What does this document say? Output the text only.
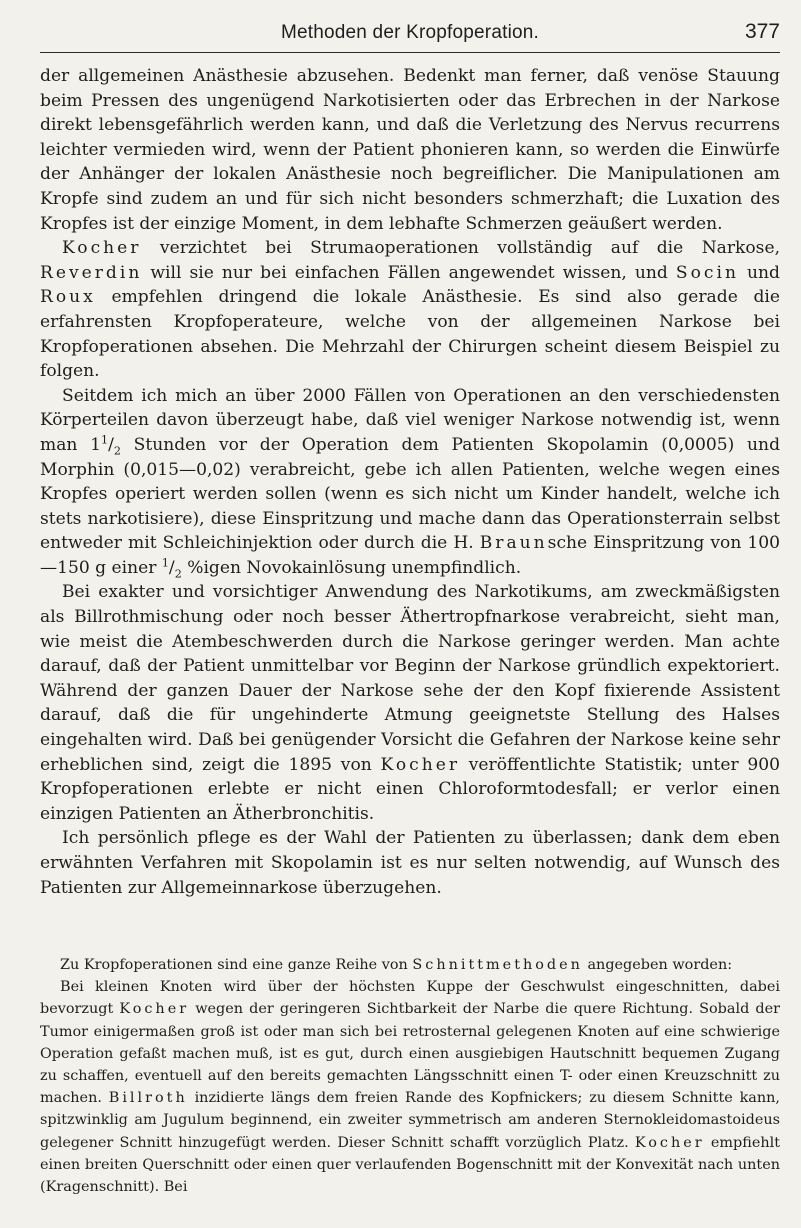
Methoden der Kropfoperation.	377

der allgemeinen Anästhesie abzusehen. Bedenkt man ferner, daß venöse Stauung beim Pressen des ungenügend Narkotisierten oder das Erbrechen in der Narkose direkt lebensgefährlich werden kann, und daß die Verletzung des Nervus recurrens leichter vermieden wird, wenn der Patient phonieren kann, so werden die Einwürfe der Anhänger der lokalen Anästhesie noch begreiflicher. Die Manipulationen am Kropfe sind zudem an und für sich nicht besonders schmerzhaft; die Luxation des Kropfes ist der einzige Moment, in dem lebhafte Schmerzen geäußert werden.

Kocher verzichtet bei Strumaoperationen vollständig auf die Narkose, Reverdin will sie nur bei einfachen Fällen angewendet wissen, und Socin und Roux empfehlen dringend die lokale Anästhesie. Es sind also gerade die erfahrensten Kropfoperateure, welche von der allgemeinen Narkose bei Kropfoperationen absehen. Die Mehrzahl der Chirurgen scheint diesem Beispiel zu folgen.

Seitdem ich mich an über 2000 Fällen von Operationen an den verschiedensten Körperteilen davon überzeugt habe, daß viel weniger Narkose notwendig ist, wenn man $1^1/_2$ Stunden vor der Operation dem Patienten Skopolamin (0,0005) und Morphin (0,015—0,02) verabreicht, gebe ich allen Patienten, welche wegen eines Kropfes operiert werden sollen (wenn es sich nicht um Kinder handelt, welche ich stets narkotisiere), diese Einspritzung und mache dann das Operationsterrain selbst entweder mit Schleichinjektion oder durch die H. Braunsche Einspritzung von 100—150 g einer $^1/_2$ %igen Novokainlösung unempfindlich.

Bei exakter und vorsichtiger Anwendung des Narkotikums, am zweckmäßigsten als Billrothmischung oder noch besser Äthertropfnarkose verabreicht, sieht man, wie meist die Atembeschwerden durch die Narkose geringer werden. Man achte darauf, daß der Patient unmittelbar vor Beginn der Narkose gründlich expektoriert. Während der ganzen Dauer der Narkose sehe der den Kopf fixierende Assistent darauf, daß die für ungehinderte Atmung geeignetste Stellung des Halses eingehalten wird. Daß bei genügender Vorsicht die Gefahren der Narkose keine sehr erheblichen sind, zeigt die 1895 von Kocher veröffentlichte Statistik; unter 900 Kropfoperationen erlebte er nicht einen Chloroformtodesfall; er verlor einen einzigen Patienten an Ätherbronchitis.

Ich persönlich pflege es der Wahl der Patienten zu überlassen; dank dem eben erwähnten Verfahren mit Skopolamin ist es nur selten notwendig, auf Wunsch des Patienten zur Allgemeinnarkose überzugehen.

Zu Kropfoperationen sind eine ganze Reihe von Schnittmethoden angegeben worden:

Bei kleinen Knoten wird über der höchsten Kuppe der Geschwulst eingeschnitten, dabei bevorzugt Kocher wegen der geringeren Sichtbarkeit der Narbe die quere Richtung. Sobald der Tumor einigermaßen groß ist oder man sich bei retrosternal gelegenen Knoten auf eine schwierige Operation gefaßt machen muß, ist es gut, durch einen ausgiebigen Hautschnitt bequemen Zugang zu schaffen, eventuell auf den bereits gemachten Längsschnitt einen T- oder einen Kreuzschnitt zu machen. Billroth inzidierte längs dem freien Rande des Kopfnickers; zu diesem Schnitte kann, spitzwinklig am Jugulum beginnend, ein zweiter symmetrisch am anderen Sternokleidomastoideus gelegener Schnitt hinzugefügt werden. Dieser Schnitt schafft vorzüglich Platz. Kocher empfiehlt einen breiten Querschnitt oder einen quer verlaufenden Bogenschnitt mit der Konvexität nach unten (Kragenschnitt). Bei
